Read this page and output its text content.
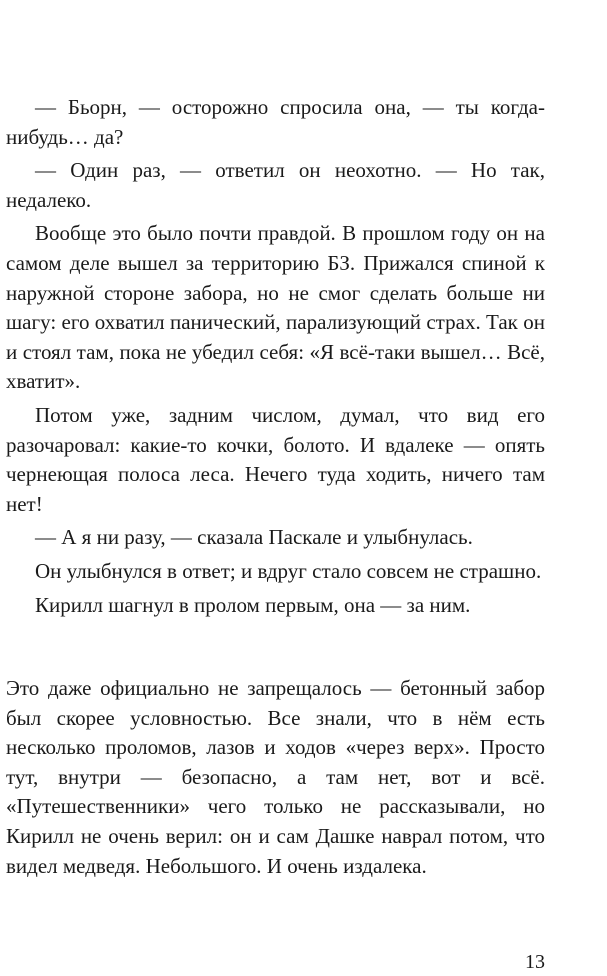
— Бьорн, — осторожно спросила она, — ты когда-нибудь… да?

— Один раз, — ответил он неохотно. — Но так, недалеко.

Вообще это было почти правдой. В прошлом году он на самом деле вышел за территорию БЗ. Прижался спиной к наружной стороне забора, но не смог сделать больше ни шагу: его охватил панический, парализующий страх. Так он и стоял там, пока не убедил себя: «Я всё-таки вышел… Всё, хватит».

Потом уже, задним числом, думал, что вид его разочаровал: какие-то кочки, болото. И вдалеке — опять чернеющая полоса леса. Нечего туда ходить, ничего там нет!

— А я ни разу, — сказала Паскале и улыбнулась.

Он улыбнулся в ответ; и вдруг стало совсем не страшно.

Кирилл шагнул в пролом первым, она — за ним.

Это даже официально не запрещалось — бетонный забор был скорее условностью. Все знали, что в нём есть несколько проломов, лазов и ходов «через верх». Просто тут, внутри — безопасно, а там нет, вот и всё. «Путешественники» чего только не рассказывали, но Кирилл не очень верил: он и сам Дашке наврал потом, что видел медведя. Небольшого. И очень издалека.

13
